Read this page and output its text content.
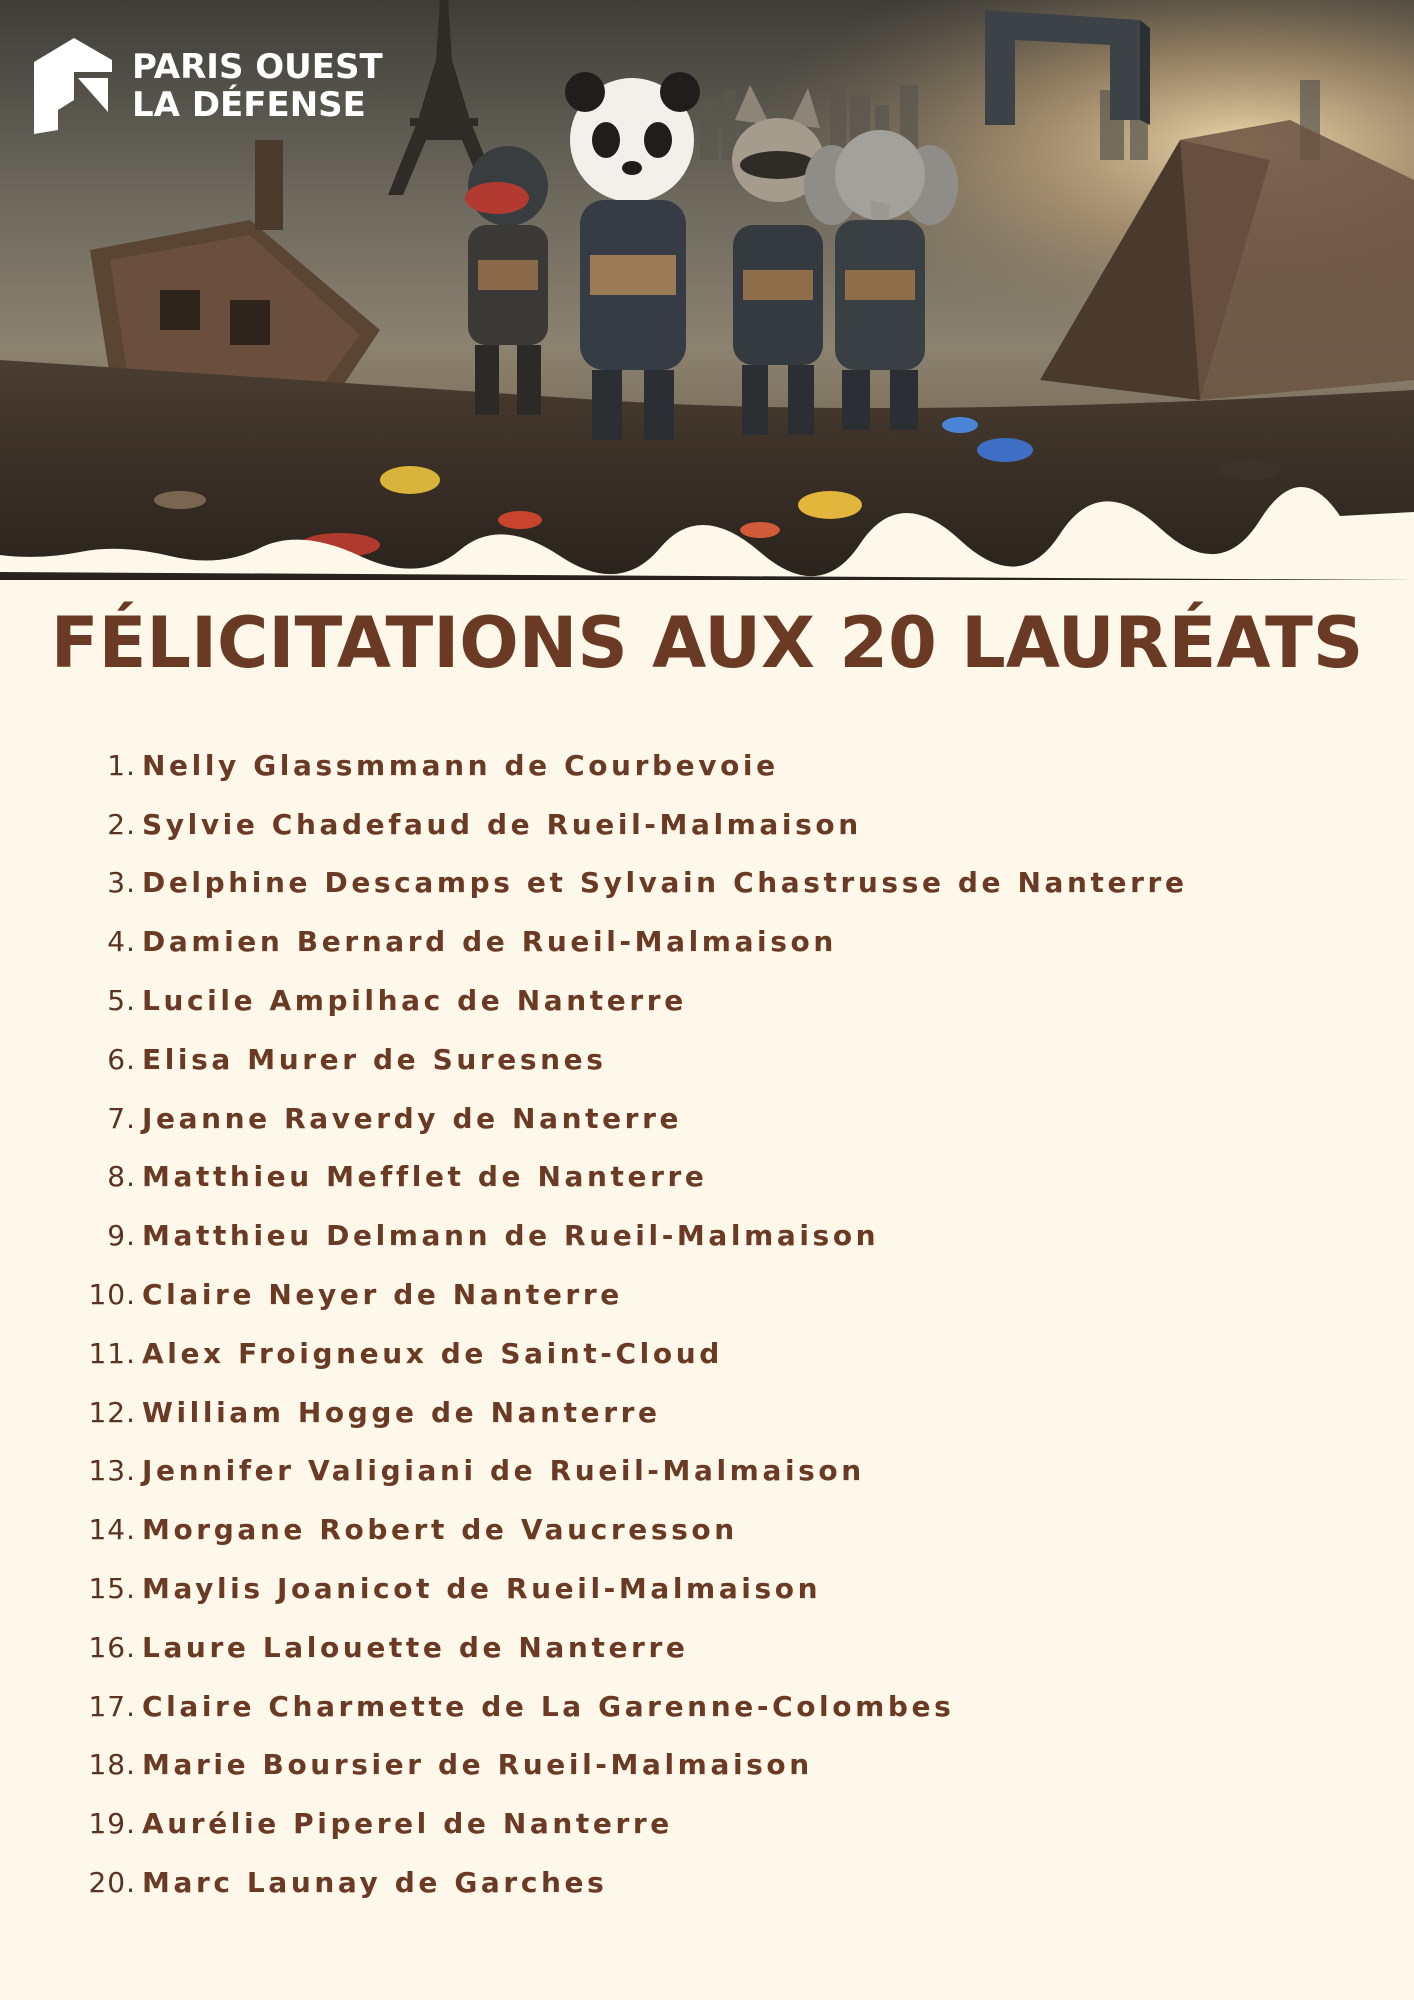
PARIS OUEST
LA DÉFENSE
FÉLICITATIONS AUX 20 LAURÉATS
1. Nelly Glassmmann de Courbevoie
2. Sylvie Chadefaud de Rueil-Malmaison
3. Delphine Descamps et Sylvain Chastrusse de Nanterre
4. Damien Bernard de Rueil-Malmaison
5. Lucile Ampilhac de Nanterre
6. Elisa Murer de Suresnes
7. Jeanne Raverdy de Nanterre
8. Matthieu Mefflet de Nanterre
9. Matthieu Delmann de Rueil-Malmaison
10. Claire Neyer de Nanterre
11. Alex Froigneux de Saint-Cloud
12. William Hogge de Nanterre
13. Jennifer Valigiani de Rueil-Malmaison
14. Morgane Robert de Vaucresson
15. Maylis Joanicot de Rueil-Malmaison
16. Laure Lalouette de Nanterre
17. Claire Charmette de La Garenne-Colombes
18. Marie Boursier de Rueil-Malmaison
19. Aurélie Piperel de Nanterre
20. Marc Launay de Garches
